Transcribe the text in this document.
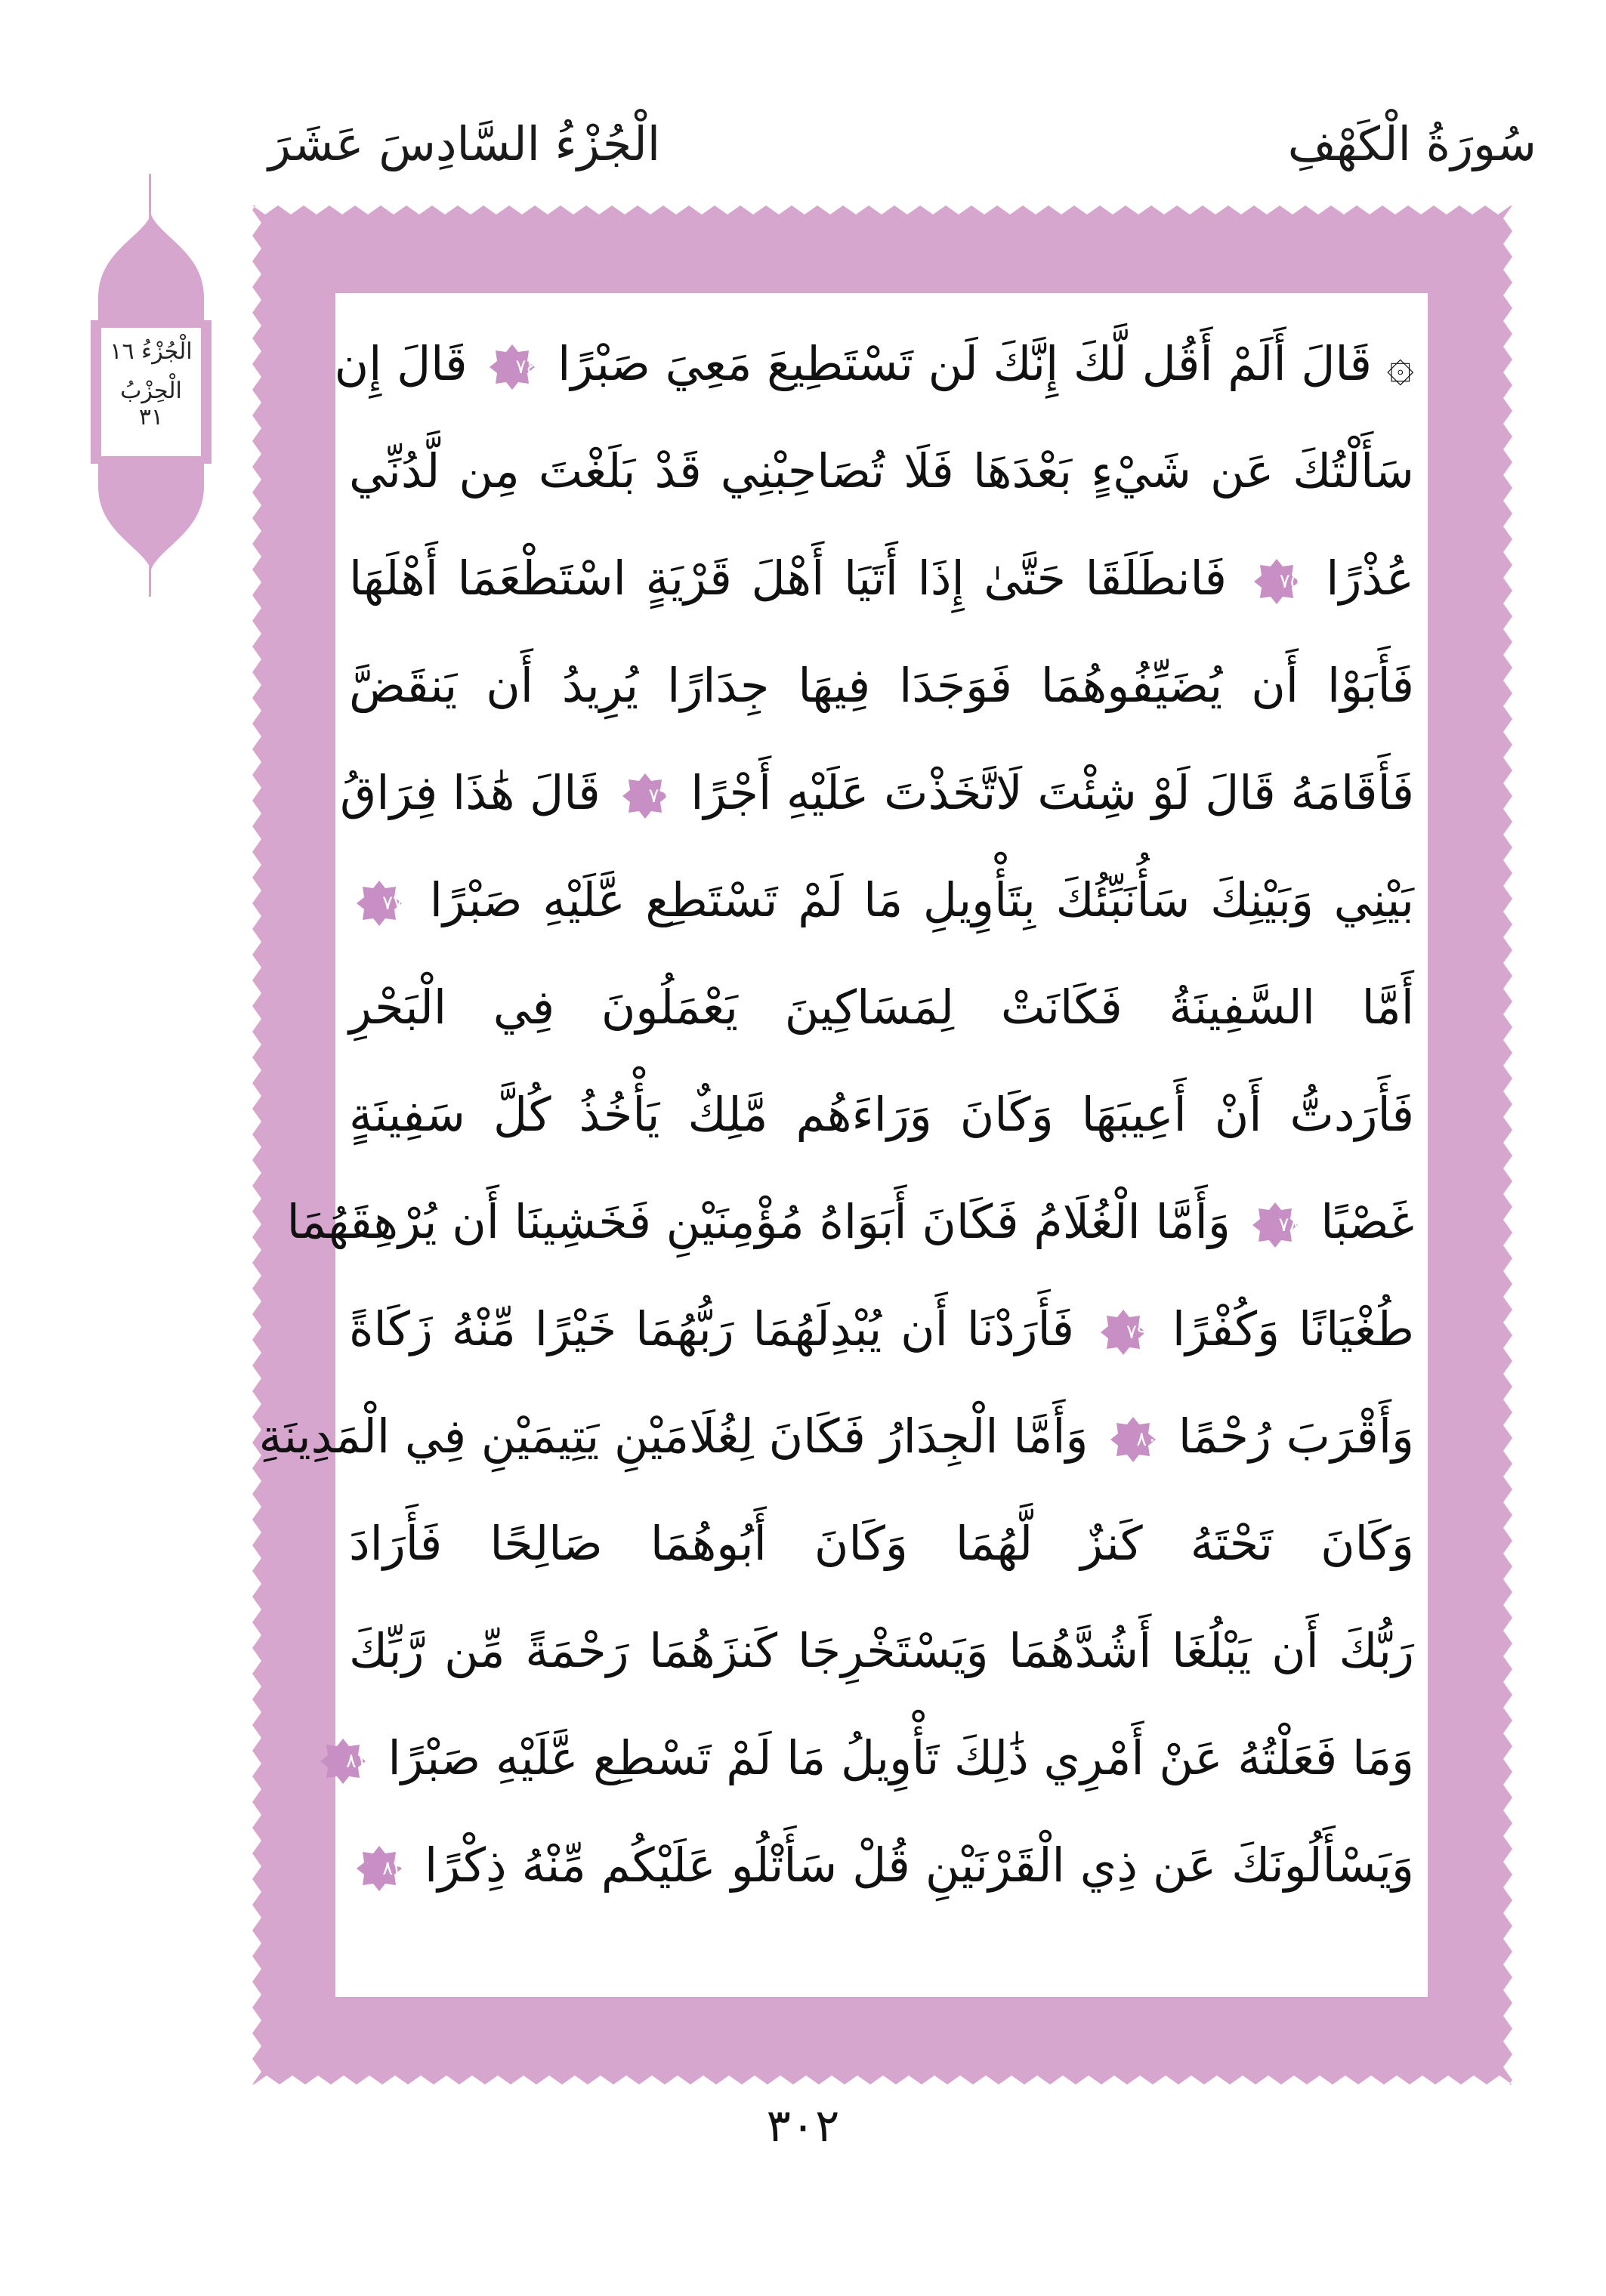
سُورَةُ الْكَهْفِ
الْجُزْءُ السَّادِسَ عَشَرَ
الْجُزْءُ ١٦
الْحِزْبُ ٣١
۞ قَالَ أَلَمْ أَقُل لَّكَ إِنَّكَ لَن تَسْتَطِيعَ مَعِيَ صَبْرًا
٧٤
قَالَ إِن
سَأَلْتُكَ عَن شَيْءٍ بَعْدَهَا فَلَا تُصَاحِبْنِي قَدْ بَلَغْتَ مِن لَّدُنِّي
عُذْرًا
٧٥
فَانطَلَقَا حَتَّىٰ إِذَا أَتَيَا أَهْلَ قَرْيَةٍ اسْتَطْعَمَا أَهْلَهَا
فَأَبَوْا أَن يُضَيِّفُوهُمَا فَوَجَدَا فِيهَا جِدَارًا يُرِيدُ أَن يَنقَضَّ
فَأَقَامَهُ قَالَ لَوْ شِئْتَ لَاتَّخَذْتَ عَلَيْهِ أَجْرًا
٧٦
قَالَ هَٰذَا فِرَاقُ
بَيْنِي وَبَيْنِكَ سَأُنَبِّئُكَ بِتَأْوِيلِ مَا لَمْ تَسْتَطِع عَّلَيْهِ صَبْرًا
٧٧
أَمَّا السَّفِينَةُ فَكَانَتْ لِمَسَاكِينَ يَعْمَلُونَ فِي الْبَحْرِ
فَأَرَدتُّ أَنْ أَعِيبَهَا وَكَانَ وَرَاءَهُم مَّلِكٌ يَأْخُذُ كُلَّ سَفِينَةٍ
غَصْبًا
٧٨
وَأَمَّا الْغُلَامُ فَكَانَ أَبَوَاهُ مُؤْمِنَيْنِ فَخَشِينَا أَن يُرْهِقَهُمَا
طُغْيَانًا وَكُفْرًا
٧٩
فَأَرَدْنَا أَن يُبْدِلَهُمَا رَبُّهُمَا خَيْرًا مِّنْهُ زَكَاةً
وَأَقْرَبَ رُحْمًا
٨٠
وَأَمَّا الْجِدَارُ فَكَانَ لِغُلَامَيْنِ يَتِيمَيْنِ فِي الْمَدِينَةِ
وَكَانَ تَحْتَهُ كَنزٌ لَّهُمَا وَكَانَ أَبُوهُمَا صَالِحًا فَأَرَادَ
رَبُّكَ أَن يَبْلُغَا أَشُدَّهُمَا وَيَسْتَخْرِجَا كَنزَهُمَا رَحْمَةً مِّن رَّبِّكَ
وَمَا فَعَلْتُهُ عَنْ أَمْرِي ذَٰلِكَ تَأْوِيلُ مَا لَمْ تَسْطِع عَّلَيْهِ صَبْرًا
٨١
وَيَسْأَلُونَكَ عَن ذِي الْقَرْنَيْنِ قُلْ سَأَتْلُو عَلَيْكُم مِّنْهُ ذِكْرًا
٨٢
٣٠٢
